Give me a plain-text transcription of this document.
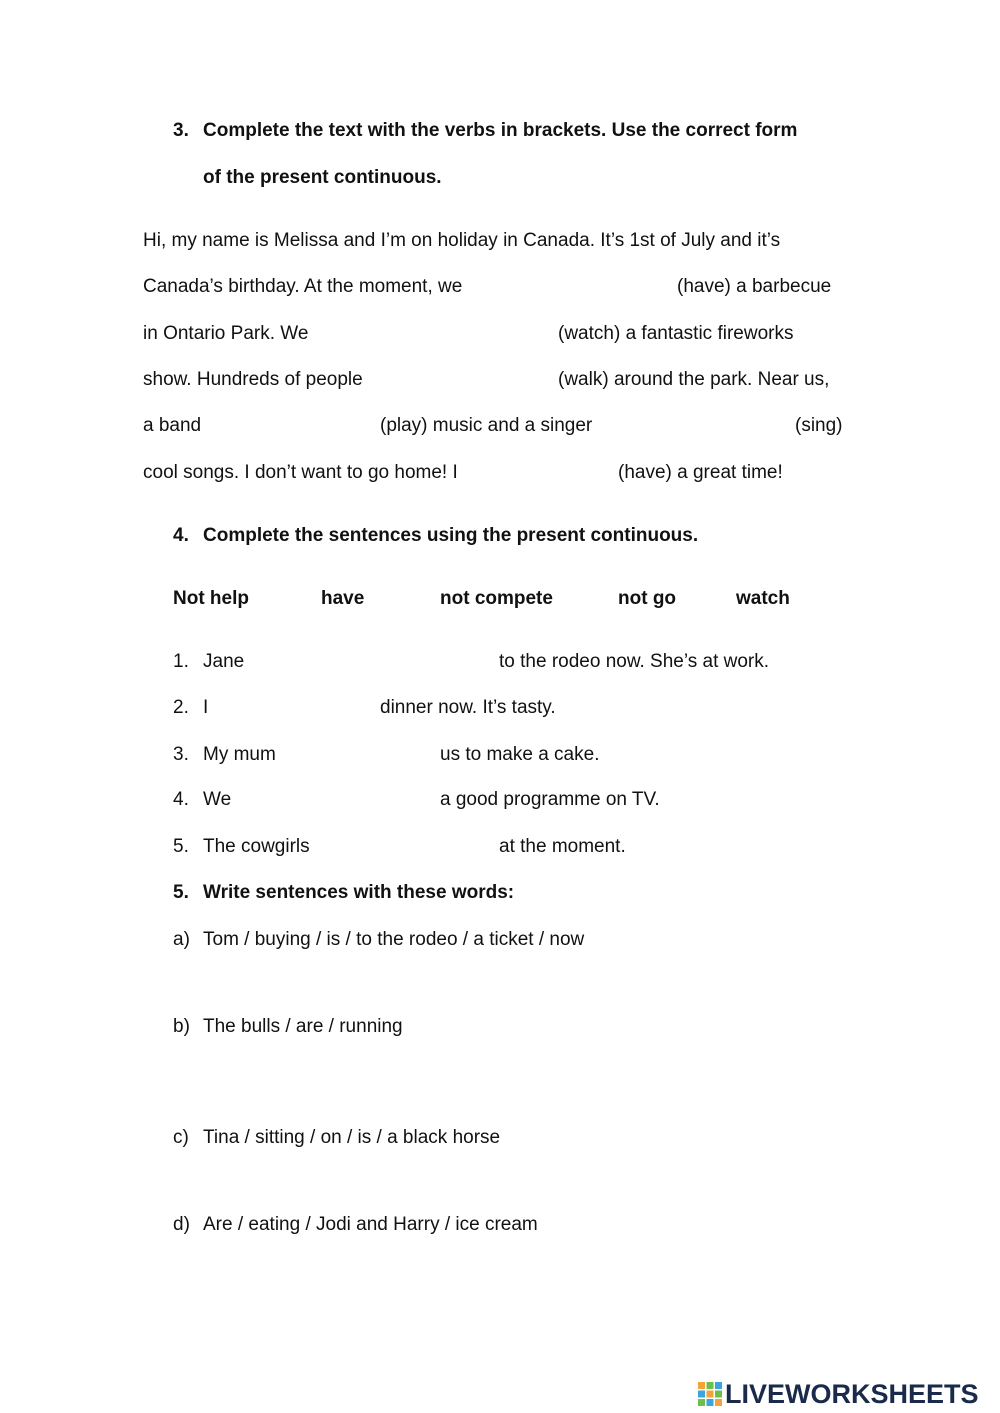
3. Complete the text with the verbs in brackets. Use the correct form
of the present continuous.
Hi, my name is Melissa and I’m on holiday in Canada. It’s 1st of July and it’s
Canada’s birthday. At the moment, we	(have) a barbecue
in Ontario Park. We	(watch) a fantastic fireworks
show. Hundreds of people	(walk) around the park. Near us,
a band	(play) music and a singer	(sing)
cool songs. I don’t want to go home! I	(have) a great time!
4. Complete the sentences using the present continuous.
Not help	have	not compete	not go	watch
1. Jane	to the rodeo now. She’s at work.
2. I	dinner now. It’s tasty.
3. My mum	us to make a cake.
4. We	a good programme on TV.
5. The cowgirls	at the moment.
5. Write sentences with these words:
a) Tom / buying / is / to the rodeo / a ticket / now
b) The bulls / are / running
c) Tina / sitting / on / is / a black horse
d) Are / eating / Jodi and Harry / ice cream
LIVEWORKSHEETS
